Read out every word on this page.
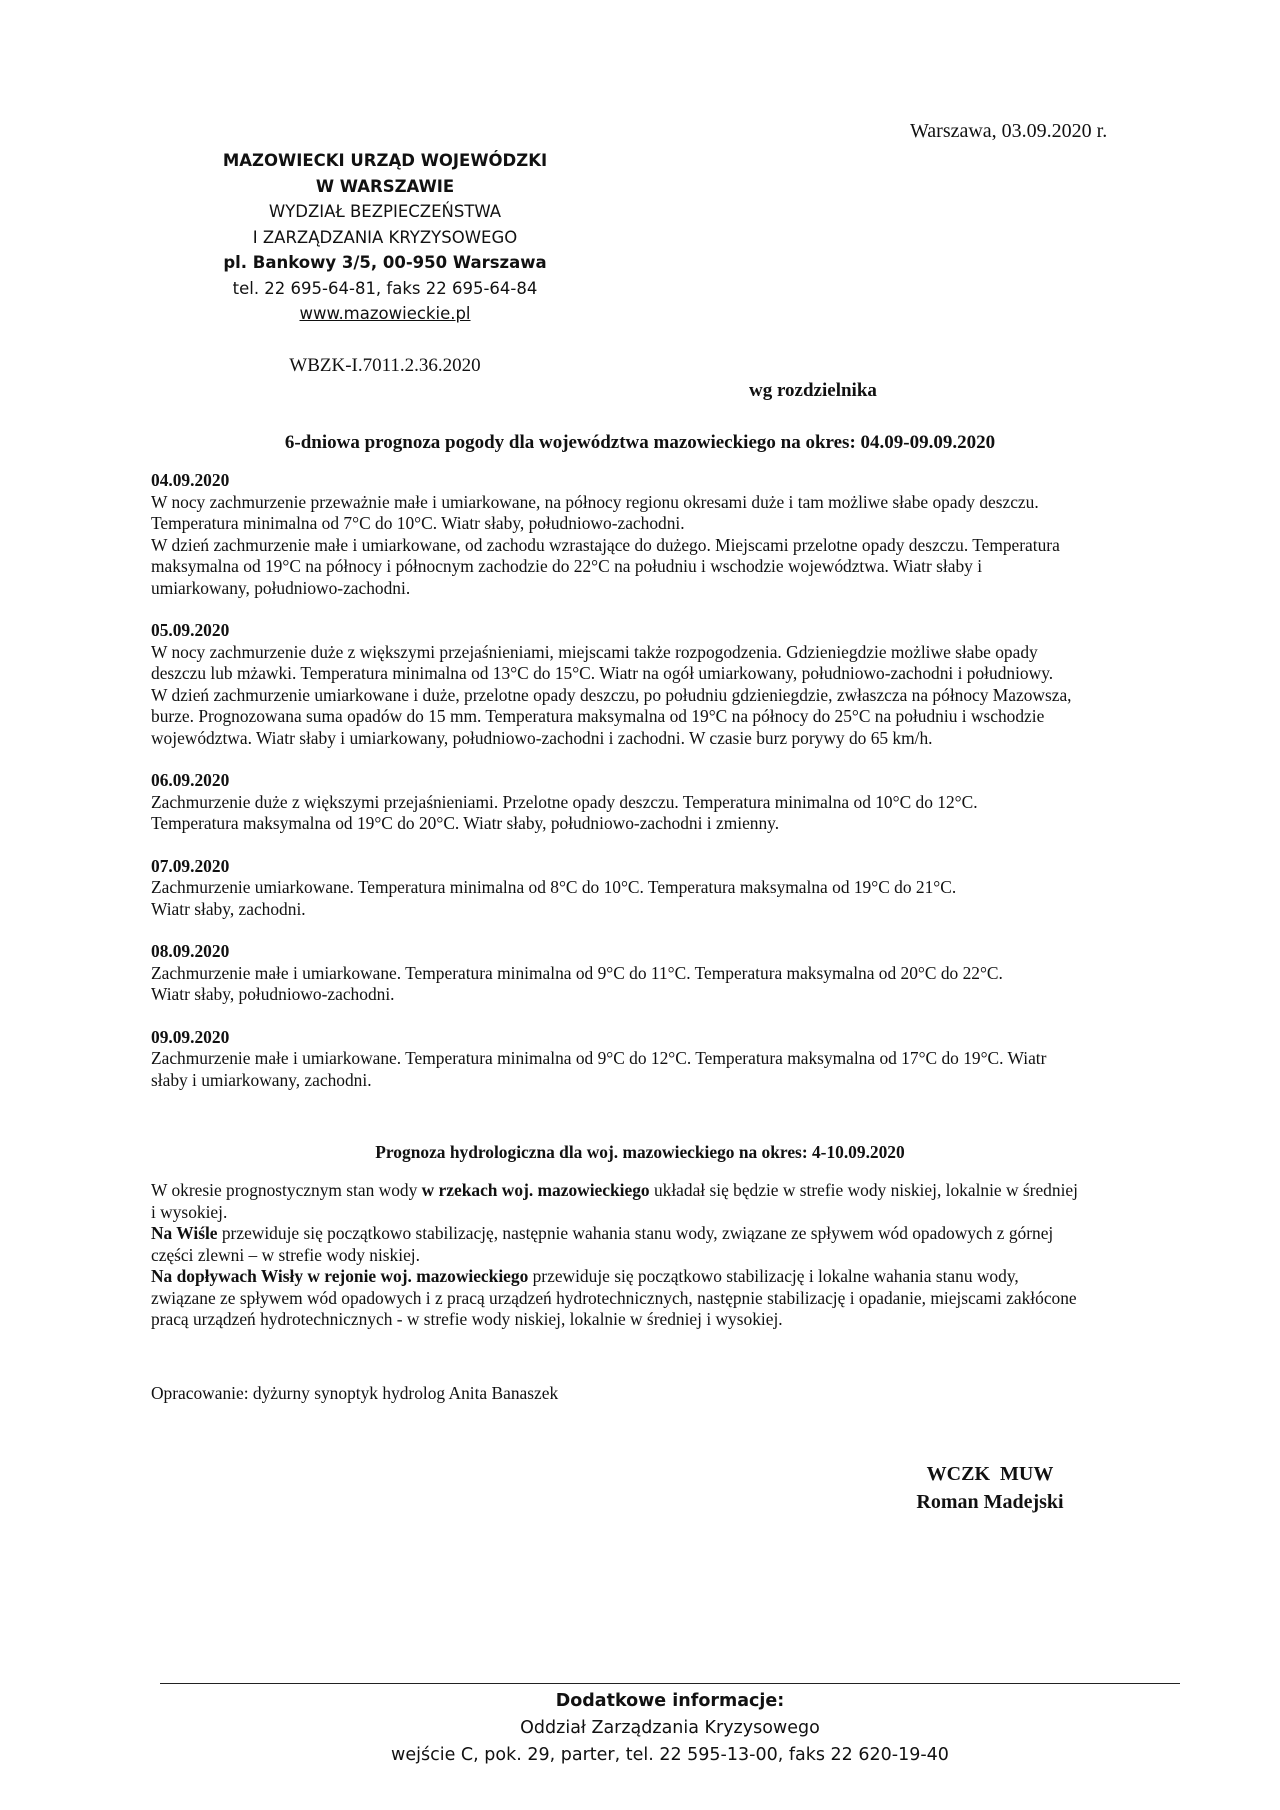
Warszawa, 03.09.2020 r.
MAZOWIECKI URZĄD WOJEWÓDZKI
W WARSZAWIE
WYDZIAŁ BEZPIECZEŃSTWA
I ZARZĄDZANIA KRYZYSOWEGO
pl. Bankowy 3/5, 00-950 Warszawa
tel. 22 695-64-81, faks 22 695-64-84
www.mazowieckie.pl
WBZK-I.7011.2.36.2020
wg rozdzielnika
6-dniowa prognoza pogody dla województwa mazowieckiego na okres: 04.09-09.09.2020
04.09.2020
W nocy zachmurzenie przeważnie małe i umiarkowane, na północy regionu okresami duże i tam możliwe słabe opady deszczu.
Temperatura minimalna od 7°C do 10°C. Wiatr słaby, południowo-zachodni.
W dzień zachmurzenie małe i umiarkowane, od zachodu wzrastające do dużego. Miejscami przelotne opady deszczu. Temperatura
maksymalna od 19°C na północy i północnym zachodzie do 22°C na południu i wschodzie województwa. Wiatr słaby i
umiarkowany, południowo-zachodni.
05.09.2020
W nocy zachmurzenie duże z większymi przejaśnieniami, miejscami także rozpogodzenia. Gdzieniegdzie możliwe słabe opady
deszczu lub mżawki. Temperatura minimalna od 13°C do 15°C. Wiatr na ogół umiarkowany, południowo-zachodni i południowy.
W dzień zachmurzenie umiarkowane i duże, przelotne opady deszczu, po południu gdzieniegdzie, zwłaszcza na północy Mazowsza,
burze. Prognozowana suma opadów do 15 mm. Temperatura maksymalna od 19°C na północy do 25°C na południu i wschodzie
województwa. Wiatr słaby i umiarkowany, południowo-zachodni i zachodni. W czasie burz porywy do 65 km/h.
06.09.2020
Zachmurzenie duże z większymi przejaśnieniami. Przelotne opady deszczu. Temperatura minimalna od 10°C do 12°C.
Temperatura maksymalna od 19°C do 20°C. Wiatr słaby, południowo-zachodni i zmienny.
07.09.2020
Zachmurzenie umiarkowane. Temperatura minimalna od 8°C do 10°C. Temperatura maksymalna od 19°C do 21°C.
Wiatr słaby, zachodni.
08.09.2020
Zachmurzenie małe i umiarkowane. Temperatura minimalna od 9°C do 11°C. Temperatura maksymalna od 20°C do 22°C.
Wiatr słaby, południowo-zachodni.
09.09.2020
Zachmurzenie małe i umiarkowane. Temperatura minimalna od 9°C do 12°C. Temperatura maksymalna od 17°C do 19°C. Wiatr
słaby i umiarkowany, zachodni.
Prognoza hydrologiczna dla woj. mazowieckiego na okres: 4-10.09.2020

W okresie prognostycznym stan wody w rzekach woj. mazowieckiego układał się będzie w strefie wody niskiej, lokalnie w średniej

i wysokiej.

Na Wiśle przewiduje się początkowo stabilizację, następnie wahania stanu wody, związane ze spływem wód opadowych z górnej

części zlewni – w strefie wody niskiej.

Na dopływach Wisły w rejonie woj. mazowieckiego przewiduje się początkowo stabilizację i lokalne wahania stanu wody,

związane ze spływem wód opadowych i z pracą urządzeń hydrotechnicznych, następnie stabilizację i opadanie, miejscami zakłócone

pracą urządzeń hydrotechnicznych - w strefie wody niskiej, lokalnie w średniej i wysokiej.

Opracowanie: dyżurny synoptyk hydrolog Anita Banaszek
WCZK  MUW
Roman Madejski
Dodatkowe informacje:
Oddział Zarządzania Kryzysowego
wejście C, pok. 29, parter, tel. 22 595-13-00, faks 22 620-19-40
